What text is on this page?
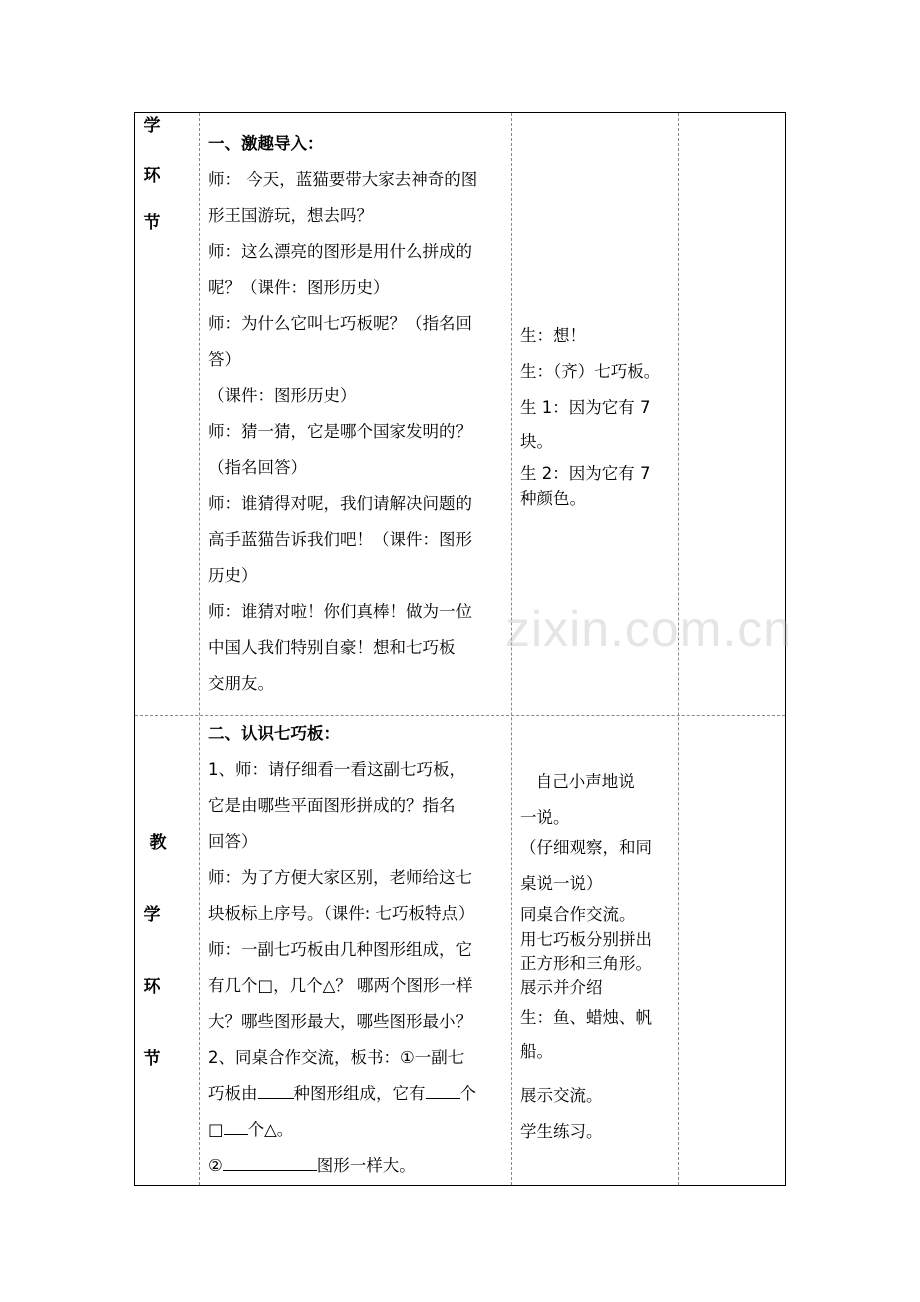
学
环
节
教
学
环
节
一、激趣导入：
师： 今天，蓝猫要带大家去神奇的图
形王国游玩，想去吗？
师：这么漂亮的图形是用什么拼成的
呢？（课件：图形历史）
师：为什么它叫七巧板呢？（指名回
答）
（课件：图形历史）
师：猜一猜，它是哪个国家发明的？
（指名回答）
师：谁猜得对呢，我们请解决问题的
高手蓝猫告诉我们吧！（课件：图形
历史）
师：谁猜对啦！你们真棒！做为一位
中国人我们特别自豪！想和七巧板
交朋友。
生：想！
生：（齐）七巧板。
生 1：因为它有 7
块。
生 2：因为它有 7
种颜色。
二、认识七巧板：
1、师：请仔细看一看这副七巧板，
它是由哪些平面图形拼成的？指名
回答）
师：为了方便大家区别，老师给这七
块板标上序号。（课件: 七巧板特点）
师：一副七巧板由几种图形组成，它
有几个□，几个△？ 哪两个图形一样
大？哪些图形最大，哪些图形最小？
2、同桌合作交流，板书：①一副七
巧板由 种图形组成，它有 个
□ 个△。
②	图形一样大。
自己小声地说
一说。
（仔细观察，和同
桌说一说）
同桌合作交流。
用七巧板分别拼出
正方形和三角形。
展示并介绍
生：鱼、蜡烛、帆
船。
展示交流。
学生练习。
zixin.com.cn
